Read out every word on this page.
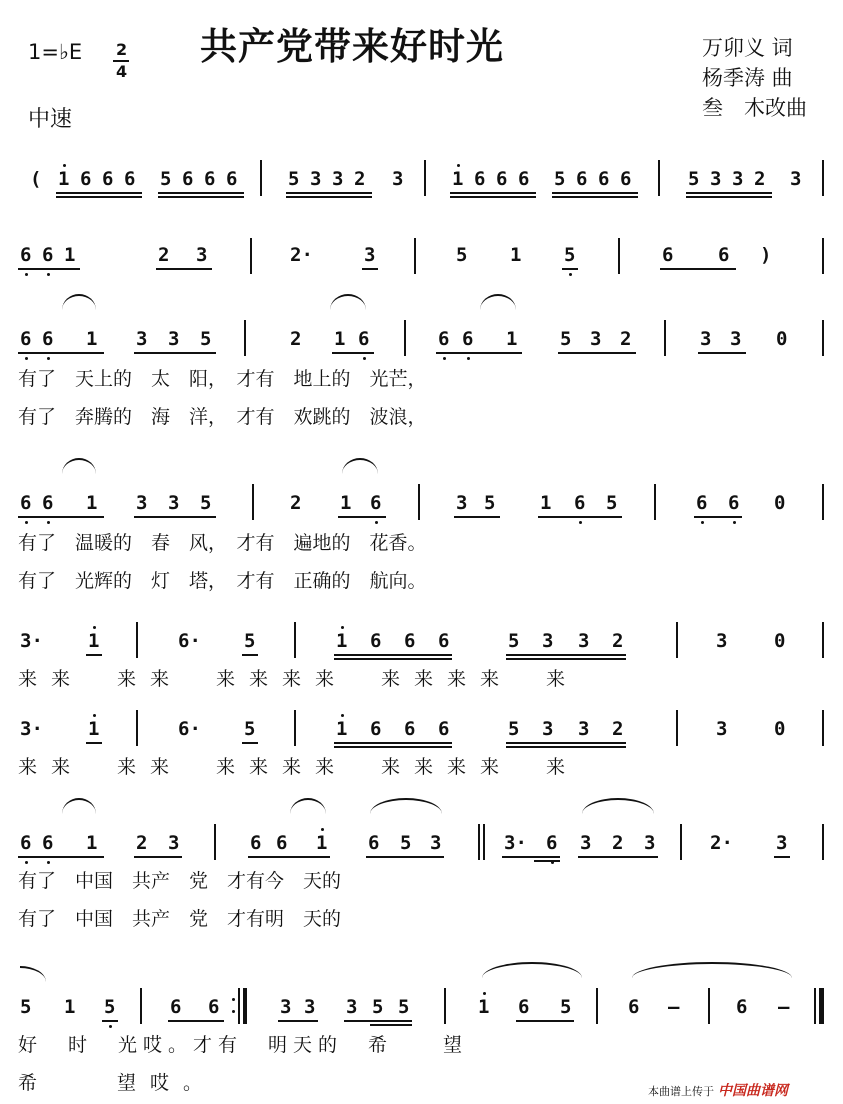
共产党带来好时光	万卯义 词
杨季涛 曲
叁　木改曲
1=♭E 2
4
中速
( 1 6 6 6 5 6 6 6	5 3 3 2 3	1 6 6 6 5 6 6 6	5 3 3 2 3
6 6 1	2 3	2·	3	5 1 5	6 6 )
6 6 1 3 3 5	2 1 6	6 6 1 5 3 2	3 3 0
有了　天上的　太　阳，　才有　地上的　光芒，
有了　奔腾的　海　洋，　才有　欢跳的　波浪，
6 6 1 3 3 5	2 1 6	3 5 1 6 5	6 6 0
有了　温暖的　春　风，　才有　遍地的　花香。
有了　光辉的　灯　塔，　才有　正确的　航向。
3· 1	6· 5	1 6 6 6	5 3 3 2	3 0
来来　来来　来来来来　来来来来　来
3· 1	6· 5	1 6 6 6	5 3 3 2	3 0
来来　来来　来来来来　来来来来　来
6 6 1 2 3	6 6 1 6 5 3	3· 6 3 2 3	2· 3
有了　中国　共产　党　才有今　天的
有了　中国　共产　党　才有明　天的
5 1 5	6 6	3 3 3 5 5	1 6 5	6 –	6 –
好　时　光哎。才有　明天的　希　　望
希　　望哎。	本曲谱上传于 中国曲谱网
